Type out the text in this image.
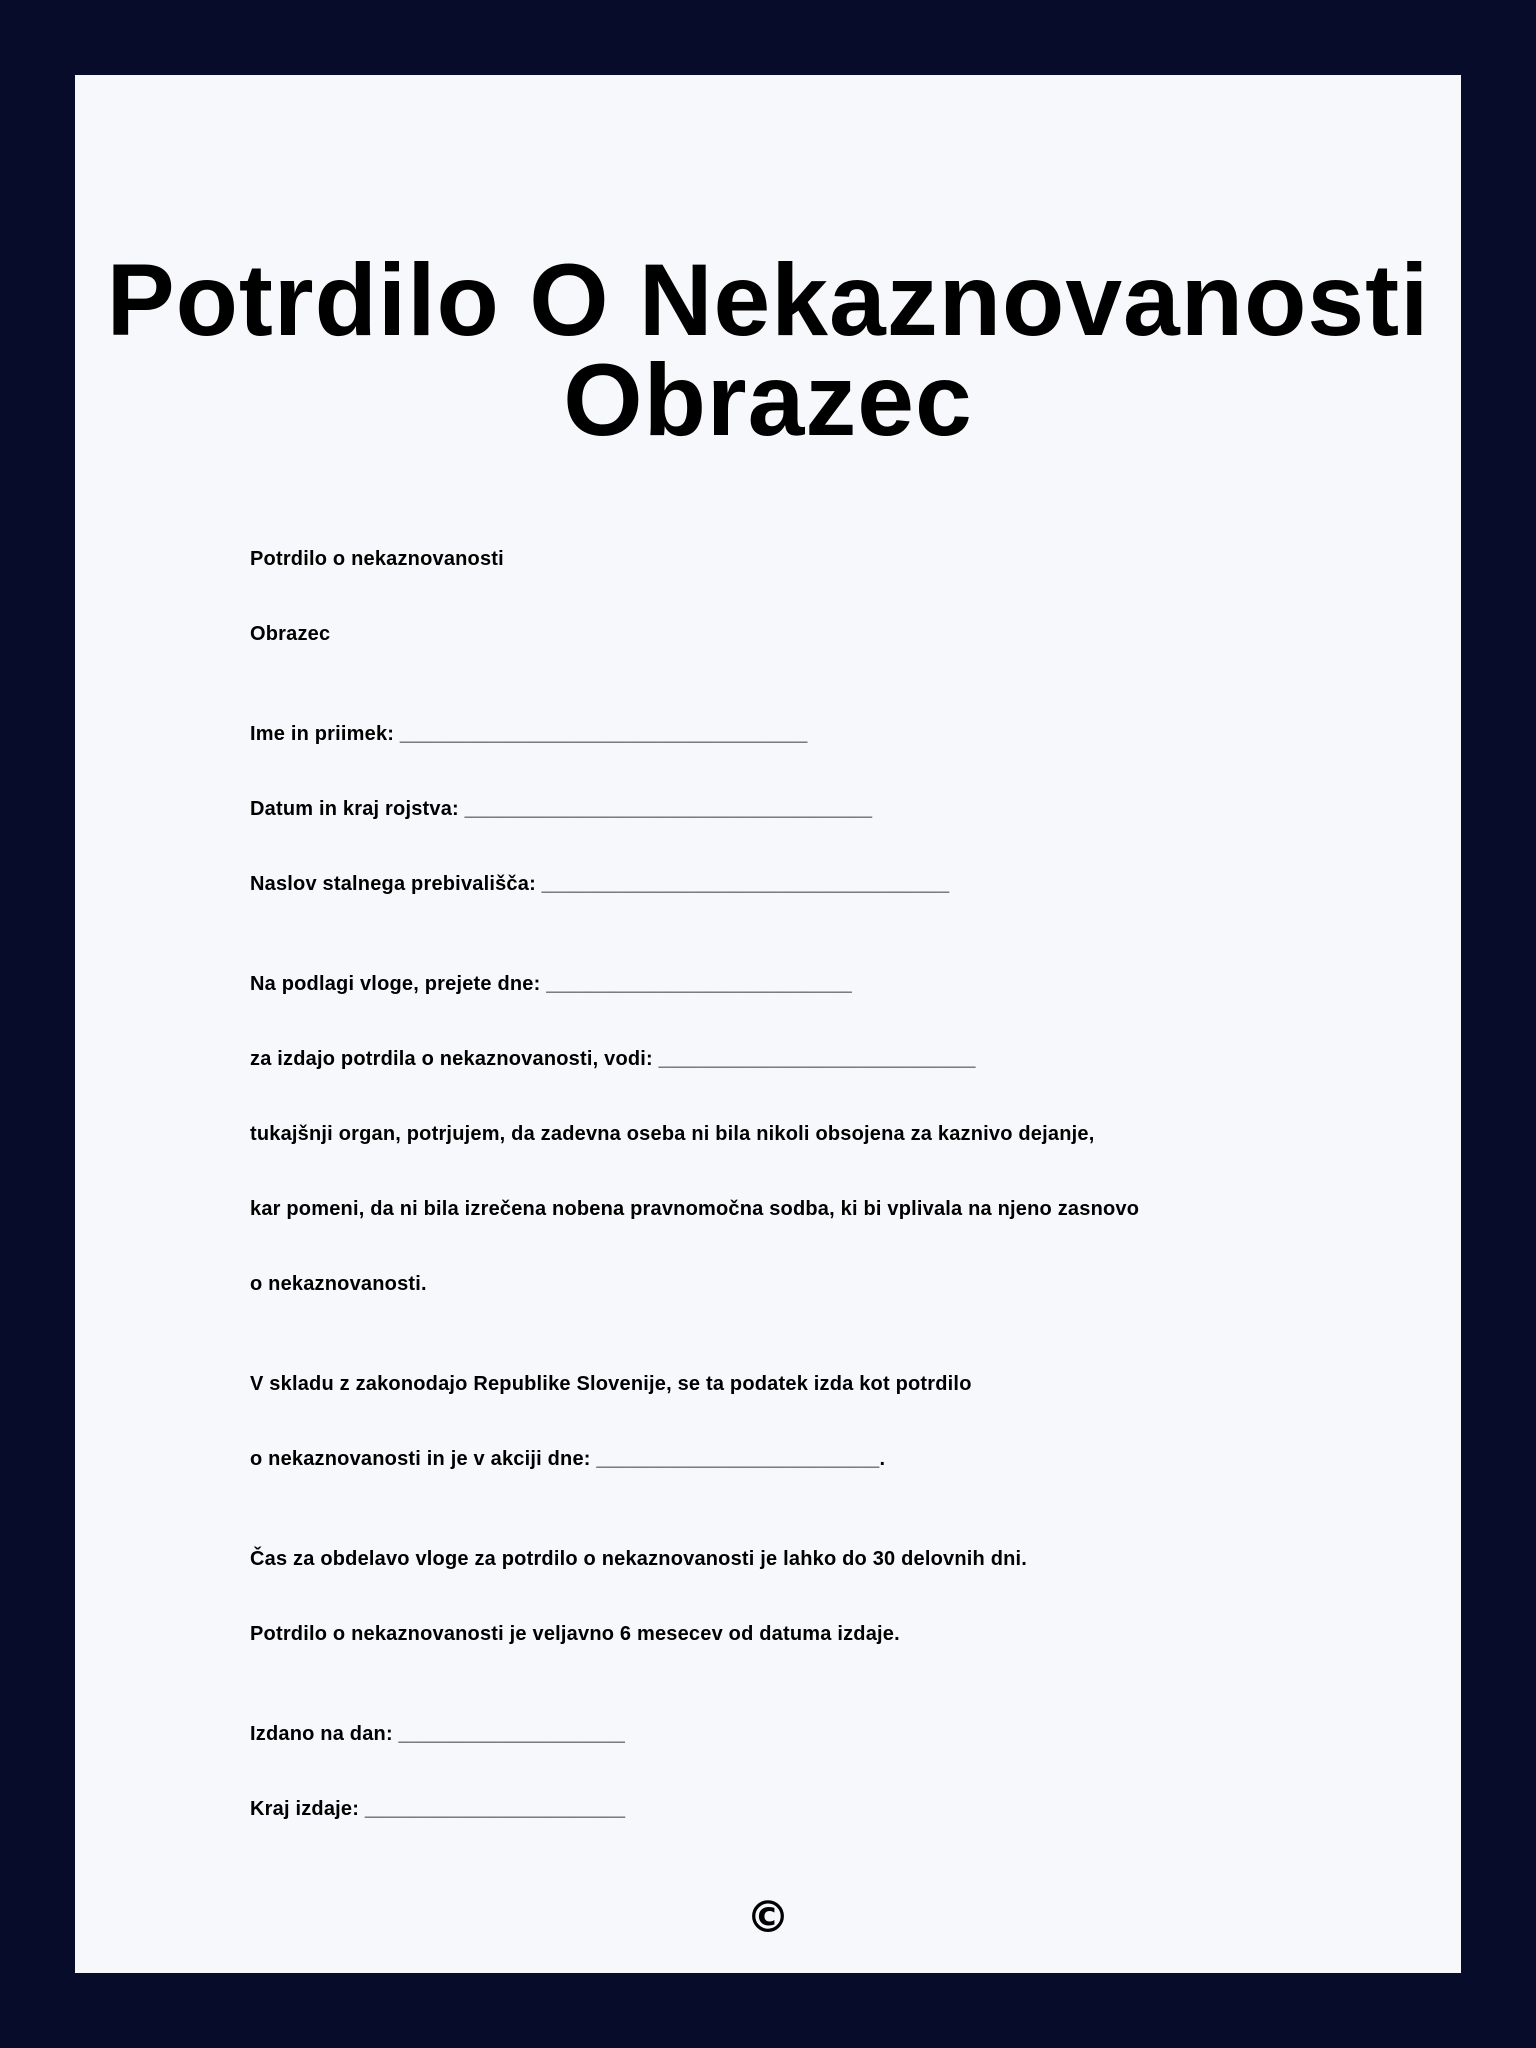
Potrdilo O Nekaznovanosti
Obrazec

Potrdilo o nekaznovanosti

Obrazec

Ime in priimek: ____________________________________

Datum in kraj rojstva: ____________________________________

Naslov stalnega prebivališča: ____________________________________

Na podlagi vloge, prejete dne: ___________________________

za izdajo potrdila o nekaznovanosti, vodi: ____________________________

tukajšnji organ, potrjujem, da zadevna oseba ni bila nikoli obsojena za kaznivo dejanje,

kar pomeni, da ni bila izrečena nobena pravnomočna sodba, ki bi vplivala na njeno zasnovo

o nekaznovanosti.

V skladu z zakonodajo Republike Slovenije, se ta podatek izda kot potrdilo

o nekaznovanosti in je v akciji dne: _________________________.

Čas za obdelavo vloge za potrdilo o nekaznovanosti je lahko do 30 delovnih dni.

Potrdilo o nekaznovanosti je veljavno 6 mesecev od datuma izdaje.

Izdano na dan: ____________________

Kraj izdaje: _______________________

©
